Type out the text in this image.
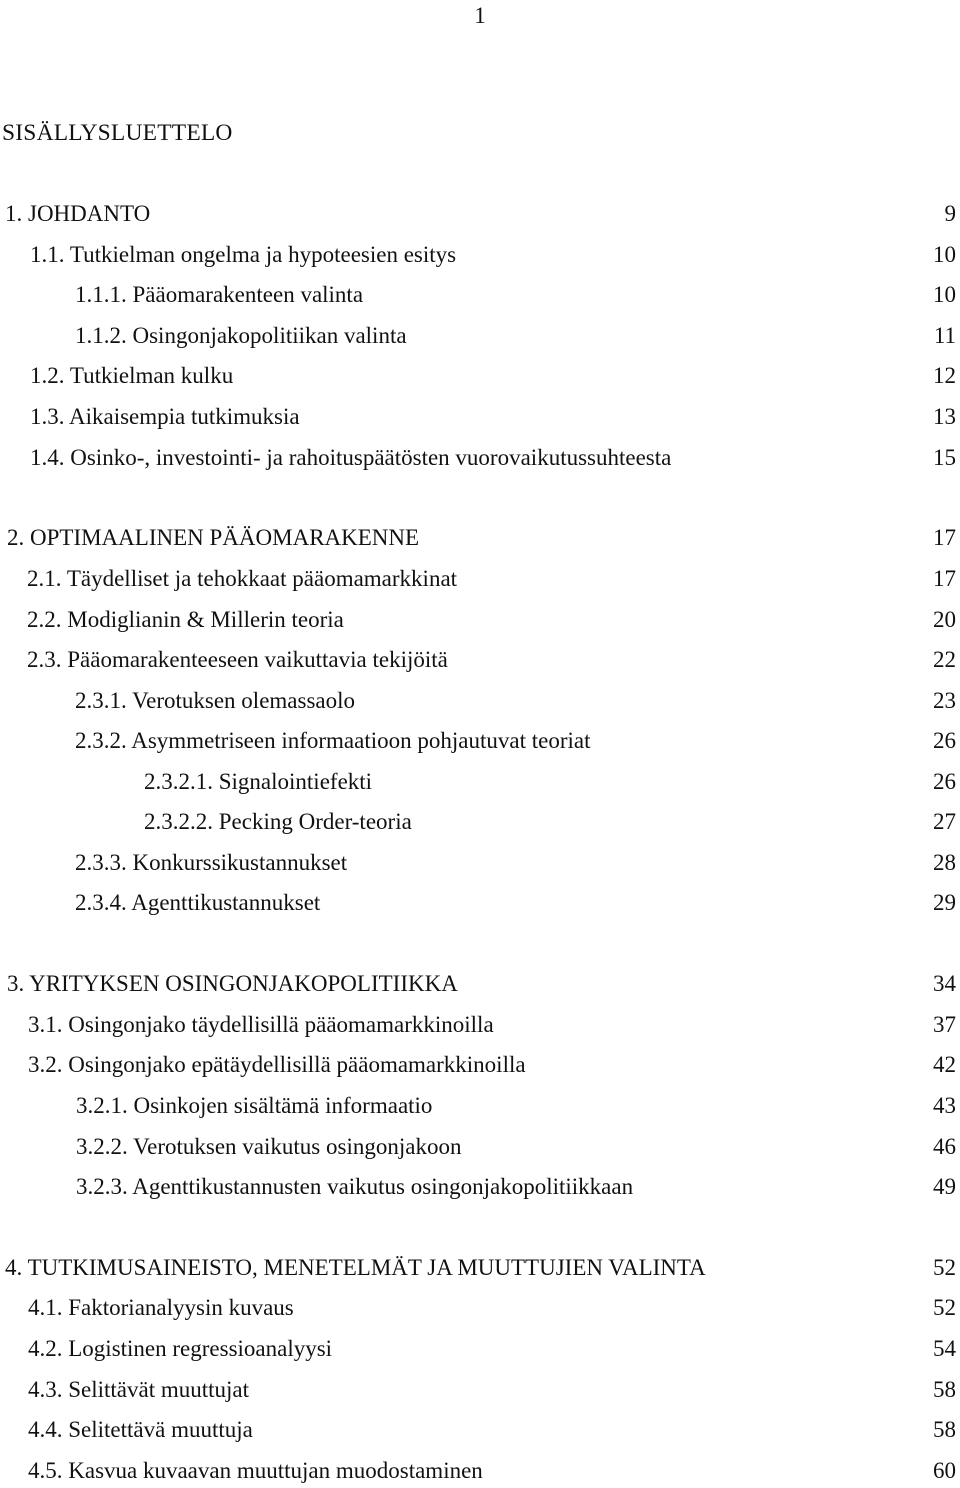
1
SISÄLLYSLUETTELO
1. JOHDANTO	9
1.1. Tutkielman ongelma ja hypoteesien esitys	10
1.1.1. Pääomarakenteen valinta	10
1.1.2. Osingonjakopolitiikan valinta	11
1.2. Tutkielman kulku	12
1.3. Aikaisempia tutkimuksia	13
1.4. Osinko-, investointi- ja rahoituspäätösten vuorovaikutussuhteesta	15
2. OPTIMAALINEN PÄÄOMARAKENNE	17
2.1. Täydelliset ja tehokkaat pääomamarkkinat	17
2.2. Modiglianin & Millerin teoria	20
2.3. Pääomarakenteeseen vaikuttavia tekijöitä	22
2.3.1. Verotuksen olemassaolo	23
2.3.2. Asymmetriseen informaatioon pohjautuvat teoriat	26
2.3.2.1. Signalointiefekti	26
2.3.2.2. Pecking Order-teoria	27
2.3.3. Konkurssikustannukset	28
2.3.4. Agenttikustannukset	29
3. YRITYKSEN OSINGONJAKOPOLITIIKKA	34
3.1. Osingonjako täydellisillä pääomamarkkinoilla	37
3.2. Osingonjako epätäydellisillä pääomamarkkinoilla	42
3.2.1. Osinkojen sisältämä informaatio	43
3.2.2. Verotuksen vaikutus osingonjakoon	46
3.2.3. Agenttikustannusten vaikutus osingonjakopolitiikkaan	49
4. TUTKIMUSAINEISTO, MENETELMÄT JA MUUTTUJIEN VALINTA	52
4.1. Faktorianalyysin kuvaus	52
4.2. Logistinen regressioanalyysi	54
4.3. Selittävät muuttujat	58
4.4. Selitettävä muuttuja	58
4.5. Kasvua kuvaavan muuttujan muodostaminen	60
